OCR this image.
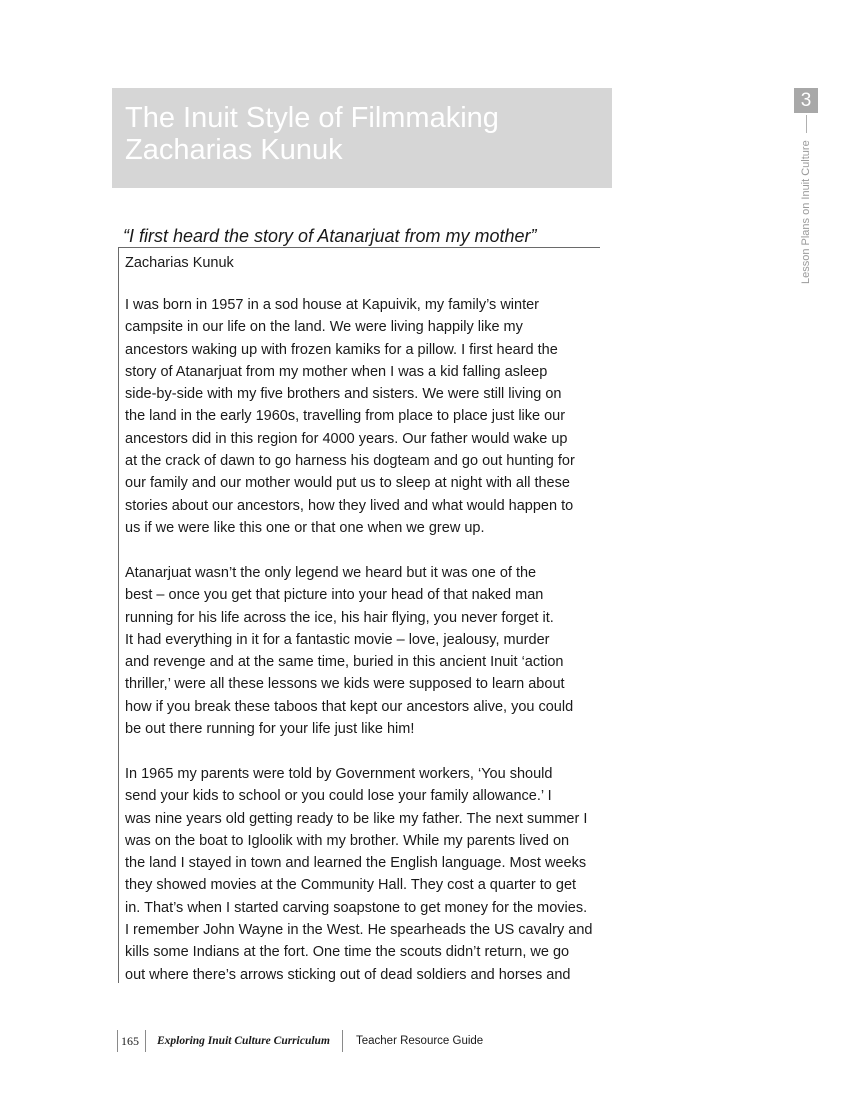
The Inuit Style of Filmmaking
Zacharias Kunuk
3
Lesson Plans on Inuit Culture
“I first heard the story of Atanarjuat from my mother”
Zacharias Kunuk
I was born in 1957 in a sod house at Kapuivik, my family’s winter
campsite in our life on the land. We were living happily like my
ancestors waking up with frozen kamiks for a pillow. I first heard the
story of Atanarjuat from my mother when I was a kid falling asleep
side-by-side with my five brothers and sisters. We were still living on
the land in the early 1960s, travelling from place to place just like our
ancestors did in this region for 4000 years. Our father would wake up
at the crack of dawn to go harness his dogteam and go out hunting for
our family and our mother would put us to sleep at night with all these
stories about our ancestors, how they lived and what would happen to
us if we were like this one or that one when we grew up.
Atanarjuat wasn’t the only legend we heard but it was one of the
best – once you get that picture into your head of that naked man
running for his life across the ice, his hair flying, you never forget it.
It had everything in it for a fantastic movie – love, jealousy, murder
and revenge and at the same time, buried in this ancient Inuit ‘action
thriller,’ were all these lessons we kids were supposed to learn about
how if you break these taboos that kept our ancestors alive, you could
be out there running for your life just like him!
In 1965 my parents were told by Government workers, ‘You should
send your kids to school or you could lose your family allowance.’ I
was nine years old getting ready to be like my father. The next summer I
was on the boat to Igloolik with my brother. While my parents lived on
the land I stayed in town and learned the English language. Most weeks
they showed movies at the Community Hall. They cost a quarter to get
in. That’s when I started carving soapstone to get money for the movies.
I remember John Wayne in the West. He spearheads the US cavalry and
kills some Indians at the fort. One time the scouts didn’t return, we go
out where there’s arrows sticking out of dead soldiers and horses and
165 Exploring Inuit Culture Curriculum Teacher Resource Guide
